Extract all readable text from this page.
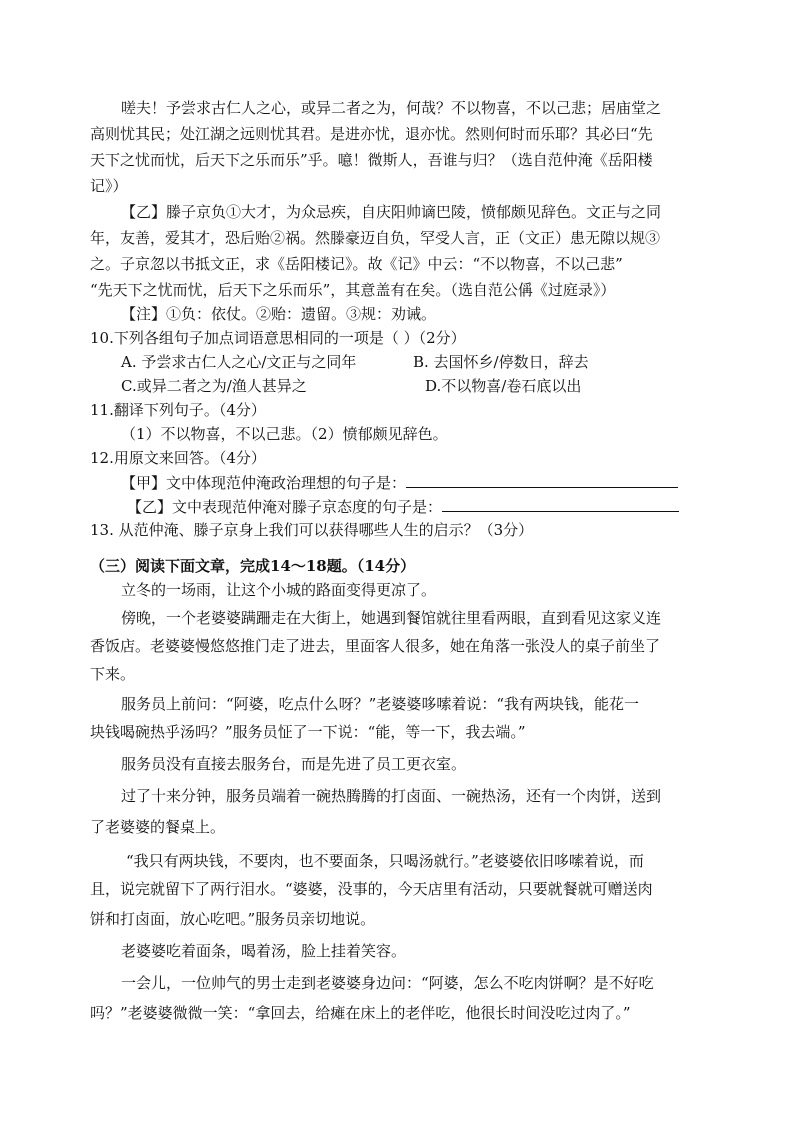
嗟夫！予尝求古仁人之心，或异二者之为，何哉？不以物喜，不以己悲；居庙堂之
高则忧其民；处江湖之远则忧其君。是进亦忧，退亦忧。然则何时而乐耶？其必曰“先
天下之忧而忧，后天下之乐而乐”乎。噫！微斯人，吾谁与归？（选自范仲淹《岳阳楼
记》）
【乙】滕子京负①大才，为众忌疾，自庆阳帅谪巴陵，愤郁颇见辞色。文正与之同
年，友善，爱其才，恐后贻②祸。然滕豪迈自负，罕受人言，正（文正）患无隙以规③
之。子京忽以书抵文正，求《岳阳楼记》。故《记》中云：“不以物喜，不以己悲”
“先天下之忧而忧，后天下之乐而乐”，其意盖有在矣。（选自范公偁《过庭录》）
【注】①负：依仗。②贻：遗留。③规：劝诫。
10.下列各组句子加点词语意思相同的一项是（ ）（2分）
A. 予尝求古仁人之心/文正与之同年	B. 去国怀乡/停数日，辞去
C.或异二者之为/渔人甚异之	D.不以物喜/卷石底以出
11.翻译下列句子。（4分）
（1）不以物喜，不以己悲。（2）愤郁颇见辞色。
12.用原文来回答。（4分）
【甲】文中体现范仲淹政治理想的句子是：
【乙】文中表现范仲淹对滕子京态度的句子是：
13. 从范仲淹、滕子京身上我们可以获得哪些人生的启示？（3分）
（三）阅读下面文章，完成14～18题。（14分）
立冬的一场雨，让这个小城的路面变得更凉了。
傍晚，一个老婆婆蹒跚走在大街上，她遇到餐馆就往里看两眼，直到看见这家义连
香饭店。老婆婆慢悠悠推门走了进去，里面客人很多，她在角落一张没人的桌子前坐了
下来。
服务员上前问：“阿婆，吃点什么呀？”老婆婆哆嗦着说：“我有两块钱，能花一
块钱喝碗热乎汤吗？”服务员怔了一下说：“能，等一下，我去端。”
服务员没有直接去服务台，而是先进了员工更衣室。
过了十来分钟，服务员端着一碗热腾腾的打卤面、一碗热汤，还有一个肉饼，送到
了老婆婆的餐桌上。
“我只有两块钱，不要肉，也不要面条，只喝汤就行。”老婆婆依旧哆嗦着说，而
且，说完就留下了两行泪水。“婆婆，没事的，今天店里有活动，只要就餐就可赠送肉
饼和打卤面，放心吃吧。”服务员亲切地说。
老婆婆吃着面条，喝着汤，脸上挂着笑容。
一会儿，一位帅气的男士走到老婆婆身边问：“阿婆，怎么不吃肉饼啊？是不好吃
吗？”老婆婆微微一笑：“拿回去，给瘫在床上的老伴吃，他很长时间没吃过肉了。”
